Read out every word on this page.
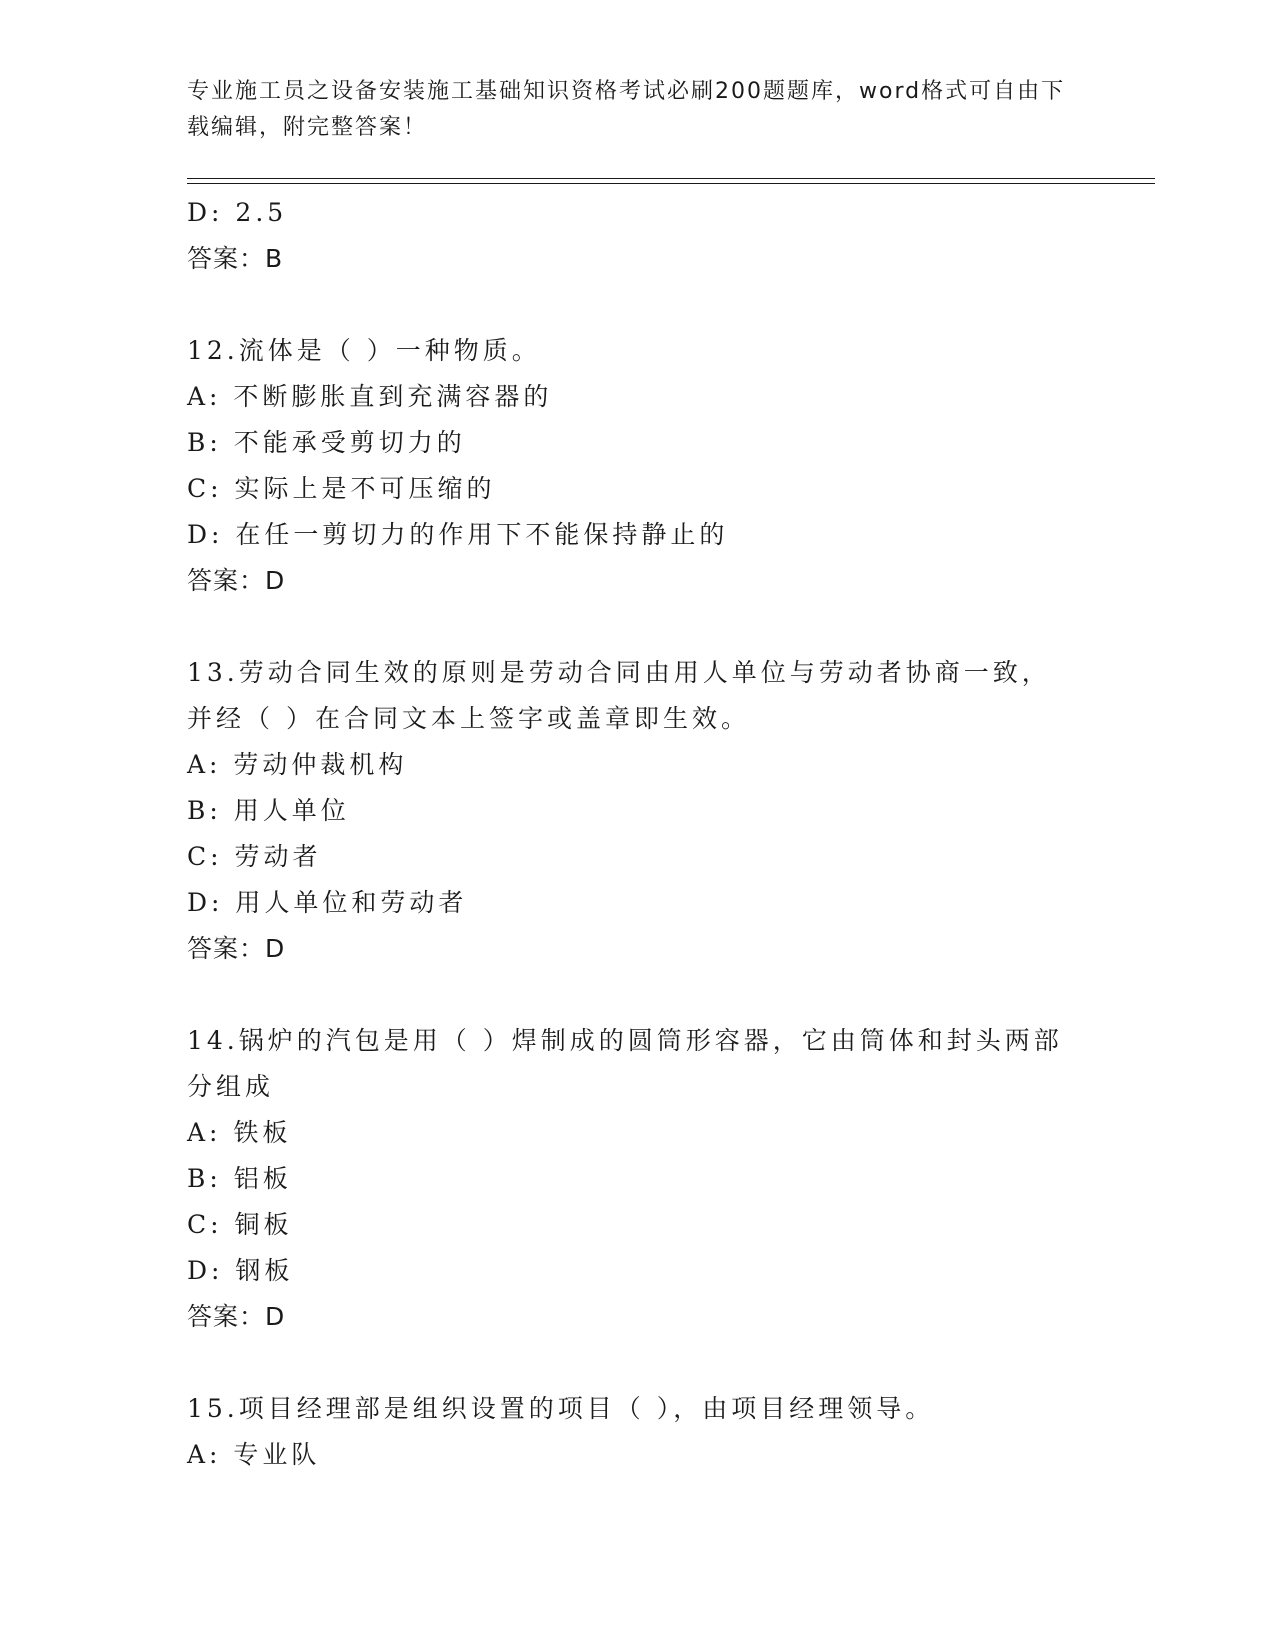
专业施工员之设备安装施工基础知识资格考试必刷200题题库，word格式可自由下载编辑，附完整答案！
D: 2.5
答案：B
12.流体是（ ）一种物质。
A: 不断膨胀直到充满容器的
B: 不能承受剪切力的
C: 实际上是不可压缩的
D: 在任一剪切力的作用下不能保持静止的
答案：D
13.劳动合同生效的原则是劳动合同由用人单位与劳动者协商一致，并经（ ）在合同文本上签字或盖章即生效。
A: 劳动仲裁机构
B: 用人单位
C: 劳动者
D: 用人单位和劳动者
答案：D
14.锅炉的汽包是用（ ）焊制成的圆筒形容器，它由筒体和封头两部分组成
A: 铁板
B: 铝板
C: 铜板
D: 钢板
答案：D
15.项目经理部是组织设置的项目（ ），由项目经理领导。
A: 专业队
